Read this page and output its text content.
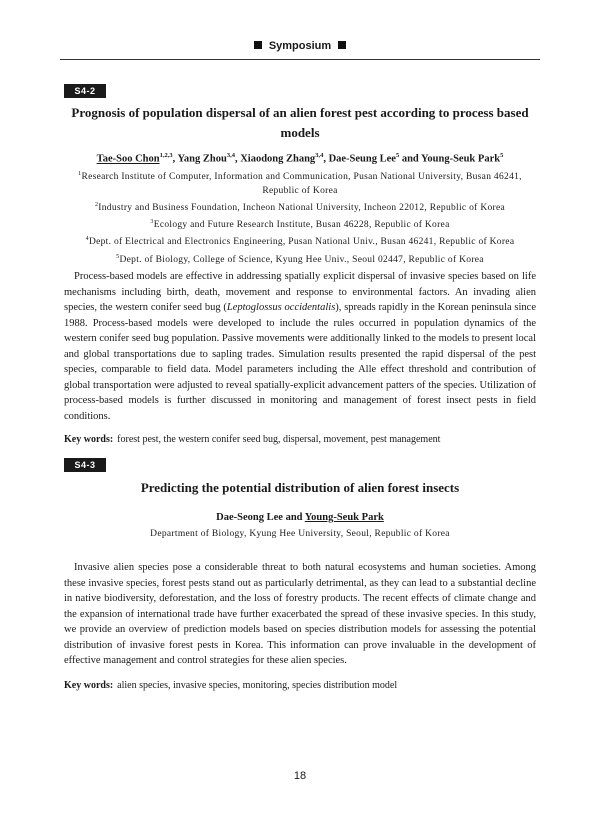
Symposium
S4-2
Prognosis of population dispersal of an alien forest pest according to process based models
Tae-Soo Chon$^{1,2,3}$, Yang Zhou$^{3,4}$, Xiaodong Zhang$^{3,4}$, Dae-Seung Lee$^5$ and Young-Seuk Park$^5$
$^1$Research Institute of Computer, Information and Communication, Pusan National University, Busan 46241, Republic of Korea
$^2$Industry and Business Foundation, Incheon National University, Incheon 22012, Republic of Korea
$^3$Ecology and Future Research Institute, Busan 46228, Republic of Korea
$^4$Dept. of Electrical and Electronics Engineering, Pusan National Univ., Busan 46241, Republic of Korea
$^5$Dept. of Biology, College of Science, Kyung Hee Univ., Seoul 02447, Republic of Korea

Process-based models are effective in addressing spatially explicit dispersal of invasive species based on life mechanisms including birth, death, movement and response to environmental factors. An invading alien species, the western conifer seed bug (Leptoglossus occidentalis), spreads rapidly in the Korean peninsula since 1988. Process-based models were developed to include the rules occurred in population dynamics of the western conifer seed bug population. Passive movements were additionally linked to the models to present local and global transportations due to sapling trades. Simulation results presented the rapid dispersal of the pest species, comparable to field data. Model parameters including the Alle effect threshold and contribution of global transportation were adjusted to reveal spatially-explicit advancement patters of the species. Utilization of process-based models is further discussed in monitoring and management of forest insect pests in field conditions.

Key words: forest pest, the western conifer seed bug, dispersal, movement, pest management
S4-3
Predicting the potential distribution of alien forest insects
Dae-Seong Lee and Young-Seuk Park
Department of Biology, Kyung Hee University, Seoul, Republic of Korea

Invasive alien species pose a considerable threat to both natural ecosystems and human societies. Among these invasive species, forest pests stand out as particularly detrimental, as they can lead to a substantial decline in native biodiversity, deforestation, and the loss of forestry products. The recent effects of climate change and the expansion of international trade have further exacerbated the spread of these invasive species. In this study, we provide an overview of prediction models based on species distribution models for assessing the potential distribution of invasive forest pests in Korea. This information can prove invaluable in the development of effective management and control strategies for these alien species.

Key words: alien species, invasive species, monitoring, species distribution model
18
